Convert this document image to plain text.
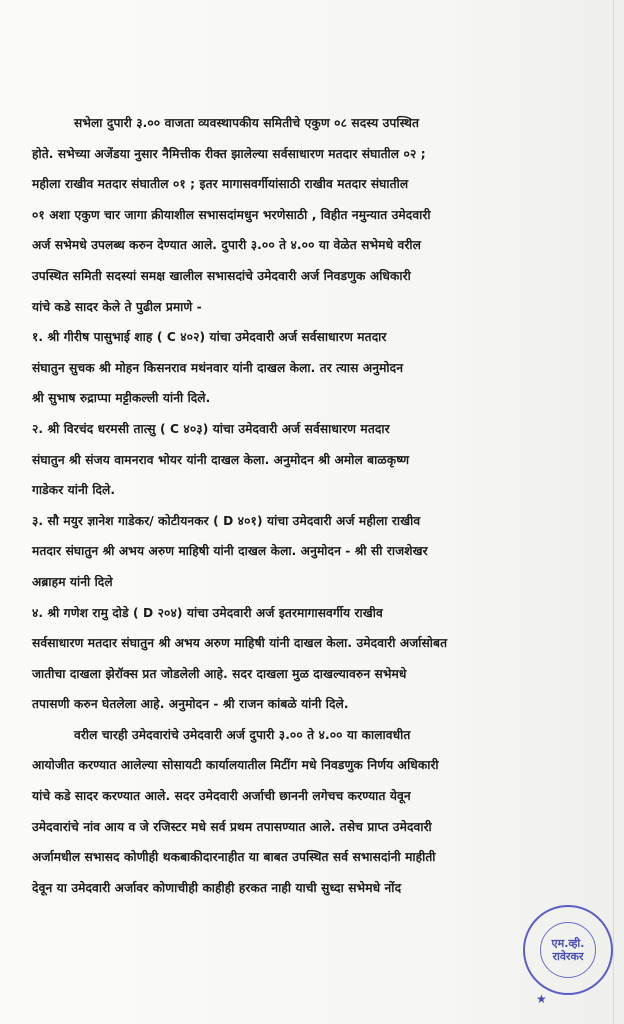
सभेला दुपारी ३.०० वाजता व्यवस्थापकीय समितीचे एकुण ०८ सदस्य उपस्थित
होते. सभेच्या अजेंडया नुसार नैमित्तीक रीक्त झालेल्या सर्वसाधारण मतदार संघातील ०२ ;
महीला राखीव मतदार संघातील ०१ ; इतर मागासवर्गीयांसाठी राखीव मतदार संघातील
०१ अशा एकुण चार जागा क्रीयाशील सभासदांमधुन भरणेसाठी , विहीत नमुन्यात उमेदवारी
अर्ज सभेमधे उपलब्ध करुन देण्यात आले. दुपारी ३.०० ते ४.०० या वेळेत सभेमधे वरील
उपस्थित समिती सदस्यां समक्ष खालील सभासदांचे उमेदवारी अर्ज निवडणुक अधिकारी
यांचे कडे सादर केले ते पुढील प्रमाणे -
१. श्री गीरीष पासुभाई शाह ( C ४०२) यांचा उमेदवारी अर्ज सर्वसाधारण मतदार
संघातुन सुचक श्री मोहन किसनराव मथंनवार यांनी दाखल केला. तर त्यास अनुमोदन
श्री सुभाष रुद्राप्पा मट्टीकल्ली यांनी दिले.
२. श्री विरचंद धरमसी तात्सु ( C ४०३) यांचा उमेदवारी अर्ज सर्वसाधारण मतदार
संघातुन श्री संजय वामनराव भोयर यांनी दाखल केला. अनुमोदन श्री अमोल बाळकृष्ण
गाडेकर यांनी दिले.
३. सौ मयुर ज्ञानेश गाडेकर/ कोटीयनकर ( D ४०१) यांचा उमेदवारी अर्ज महीला राखीव
मतदार संघातुन श्री अभय अरुण माहिषी यांनी दाखल केला. अनुमोदन - श्री सी राजशेखर
अब्राहम यांनी दिले
४. श्री गणेश रामु दोडे ( D २०४) यांचा उमेदवारी अर्ज इतरमागासवर्गीय राखीव
सर्वसाधारण मतदार संघातुन श्री अभय अरुण माहिषी यांनी दाखल केला. उमेदवारी अर्जासोबत
जातीचा दाखला झेरॉक्स प्रत जोडलेली आहे. सदर दाखला मुळ दाखल्यावरुन सभेमधे
तपासणी करुन घेतलेला आहे. अनुमोदन - श्री राजन कांबळे यांनी दिले.
वरील चारही उमेदवारांचे उमेदवारी अर्ज दुपारी ३.०० ते ४.०० या कालावधीत
आयोजीत करण्यात आलेल्या सोसायटी कार्यालयातील मिटींग मधे निवडणुक निर्णय अधिकारी
यांचे कडे सादर करण्यात आले. सदर उमेदवारी अर्जाची छाननी लगेचच करण्यात येवून
उमेदवारांचे नांव आय व जे रजिस्टर मधे सर्व प्रथम तपासण्यात आले. तसेच प्राप्त उमेदवारी
अर्जामधील सभासद कोणीही थकबाकीदारनाहीत या बाबत उपस्थित सर्व सभासदांनी माहीती
देवून या उमेदवारी अर्जावर कोणाचीही काहीही हरकत नाही याची सुध्दा सभेमधे नोंद
एम.व्ही.
रावेरकर
★
